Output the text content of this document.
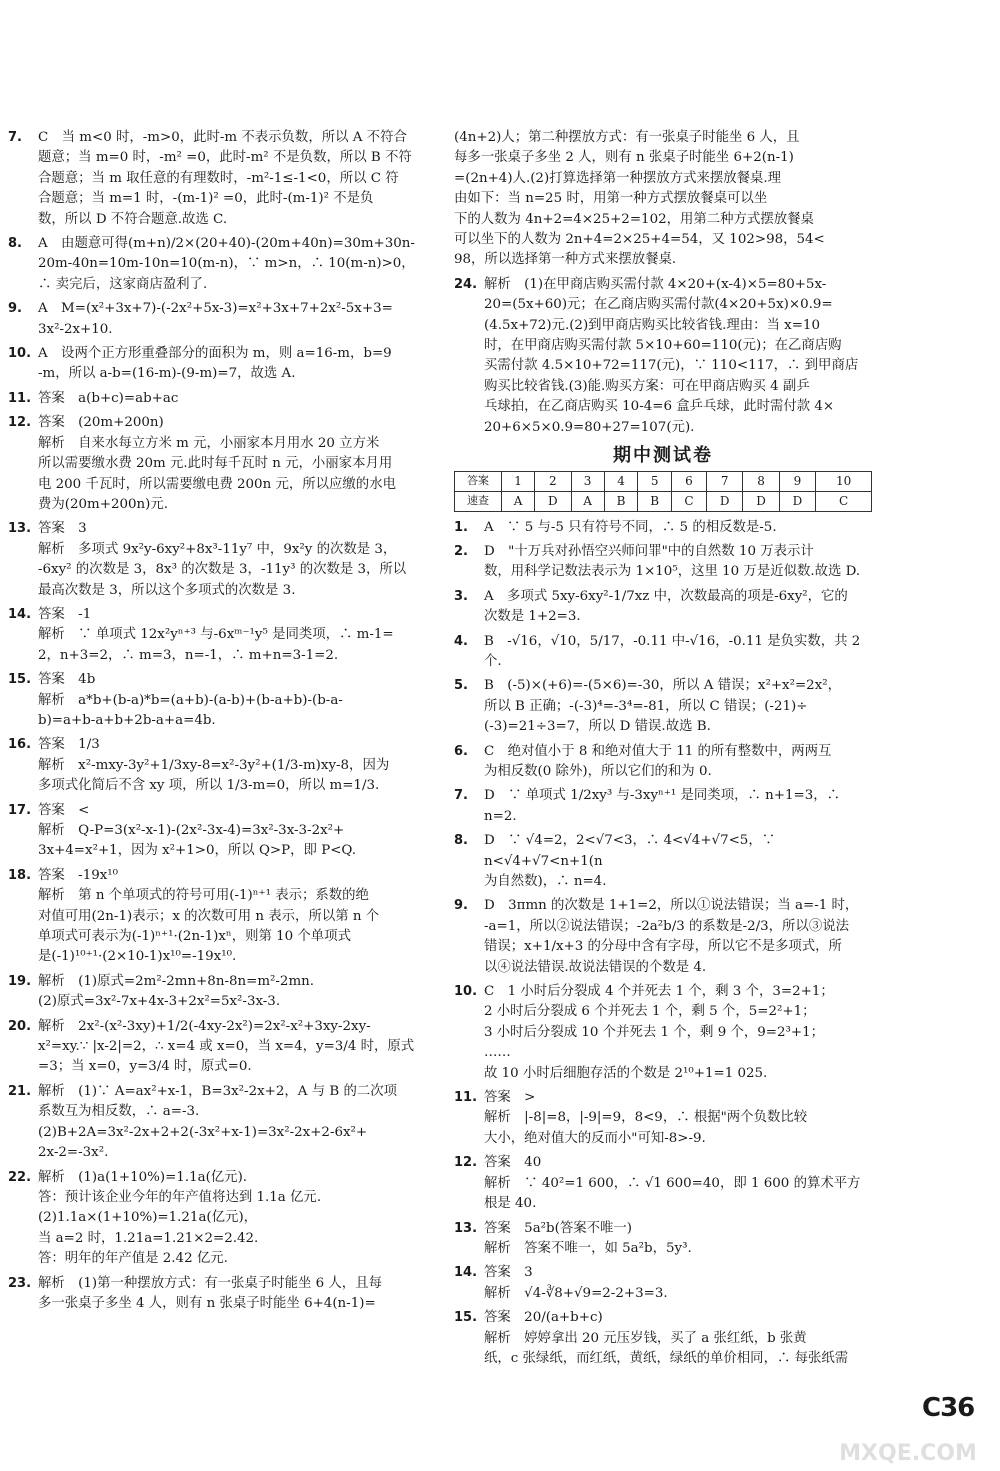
7. C　当 m<0 时，-m>0，此时-m 不表示负数，所以 A 不符合
题意；当 m=0 时，-m² =0，此时-m² 不是负数，所以 B 不符
合题意；当 m 取任意的有理数时，-m²-1≤-1<0，所以 C 符
合题意；当 m=1 时，-(m-1)² =0，此时-(m-1)² 不是负
数，所以 D 不符合题意.故选 C.
8. A　由题意可得(m+n)/2×(20+40)-(20m+40n)=30m+30n-
20m-40n=10m-10n=10(m-n)，∵ m>n，∴ 10(m-n)>0，
∴ 卖完后，这家商店盈利了.
9. A　M=(x²+3x+7)-(-2x²+5x-3)=x²+3x+7+2x²-5x+3=
3x²-2x+10.
10. A　设两个正方形重叠部分的面积为 m，则 a=16-m，b=9
-m，所以 a-b=(16-m)-(9-m)=7，故选 A.
11. 答案　a(b+c)=ab+ac
12. 答案　(20m+200n)
解析　自来水每立方米 m 元，小丽家本月用水 20 立方米
所以需要缴水费 20m 元.此时每千瓦时 n 元，小丽家本月用
电 200 千瓦时，所以需要缴电费 200n 元，所以应缴的水电
费为(20m+200n)元.
13. 答案　3
解析　多项式 9x²y-6xy²+8x³-11y⁷ 中，9x²y 的次数是 3，
-6xy² 的次数是 3，8x³ 的次数是 3，-11y³ 的次数是 3，所以
最高次数是 3，所以这个多项式的次数是 3.
14. 答案　-1
解析　∵ 单项式 12x²yⁿ⁺³ 与-6xᵐ⁻¹y⁵ 是同类项，∴ m-1=
2，n+3=2，∴ m=3，n=-1，∴ m+n=3-1=2.
15. 答案　4b
解析　a*b+(b-a)*b=(a+b)-(a-b)+(b-a+b)-(b-a-
b)=a+b-a+b+2b-a+a=4b.
16. 答案　1/3
解析　x²-mxy-3y²+1/3xy-8=x²-3y²+(1/3-m)xy-8，因为
多项式化简后不含 xy 项，所以 1/3-m=0，所以 m=1/3.
17. 答案　<
解析　Q-P=3(x²-x-1)-(2x²-3x-4)=3x²-3x-3-2x²+
3x+4=x²+1，因为 x²+1>0，所以 Q>P，即 P<Q.
18. 答案　-19x¹⁰
解析　第 n 个单项式的符号可用(-1)ⁿ⁺¹ 表示；系数的绝
对值可用(2n-1)表示；x 的次数可用 n 表示，所以第 n 个
单项式可表示为(-1)ⁿ⁺¹·(2n-1)xⁿ，则第 10 个单项式
是(-1)¹⁰⁺¹·(2×10-1)x¹⁰=-19x¹⁰.
19. 解析　(1)原式=2m²-2mn+8n-8n=m²-2mn.
(2)原式=3x²-7x+4x-3+2x²=5x²-3x-3.
20. 解析　2x²-(x²-3xy)+1/2(-4xy-2x²)=2x²-x²+3xy-2xy-
x²=xy.∵ |x-2|=2，∴ x=4 或 x=0，当 x=4，y=3/4 时，原式
=3；当 x=0，y=3/4 时，原式=0.
21. 解析　(1)∵ A=ax²+x-1，B=3x²-2x+2，A 与 B 的二次项
系数互为相反数，∴ a=-3.
(2)B+2A=3x²-2x+2+2(-3x²+x-1)=3x²-2x+2-6x²+
2x-2=-3x².
22. 解析　(1)a(1+10%)=1.1a(亿元).
答：预计该企业今年的年产值将达到 1.1a 亿元.
(2)1.1a×(1+10%)=1.21a(亿元)，
当 a=2 时，1.21a=1.21×2=2.42.
答：明年的年产值是 2.42 亿元.
23. 解析　(1)第一种摆放方式：有一张桌子时能坐 6 人，且每
多一张桌子多坐 4 人，则有 n 张桌子时能坐 6+4(n-1)=
(4n+2)人；第二种摆放方式：有一张桌子时能坐 6 人，且
每多一张桌子多坐 2 人，则有 n 张桌子时能坐 6+2(n-1)
=(2n+4)人.(2)打算选择第一种摆放方式来摆放餐桌.理
由如下：当 n=25 时，用第一种方式摆放餐桌可以坐
下的人数为 4n+2=4×25+2=102，用第二种方式摆放餐桌
可以坐下的人数为 2n+4=2×25+4=54，又 102>98，54<
98，所以选择第一种方式来摆放餐桌.
24. 解析　(1)在甲商店购买需付款 4×20+(x-4)×5=80+5x-
20=(5x+60)元；在乙商店购买需付款(4×20+5x)×0.9=
(4.5x+72)元.(2)到甲商店购买比较省钱.理由：当 x=10
时，在甲商店购买需付款 5×10+60=110(元)；在乙商店购
买需付款 4.5×10+72=117(元)，∵ 110<117，∴ 到甲商店
购买比较省钱.(3)能.购买方案：可在甲商店购买 4 副乒
乓球拍，在乙商店购买 10-4=6 盒乒乓球，此时需付款 4×
20+6×5×0.9=80+27=107(元).
期中测试卷
答案	1	2	3	4	5	6	7	8	9	10
速查	A	D	A	B	B	C	D	D	D	C
1. A　∵ 5 与-5 只有符号不同，∴ 5 的相反数是-5.
2. D　"十万兵对孙悟空兴师问罪"中的自然数 10 万表示计
数，用科学记数法表示为 1×10⁵，这里 10 万是近似数.故选 D.
3. A　多项式 5xy-6xy²-1/7xz 中，次数最高的项是-6xy²，它的
次数是 1+2=3.
4. B　-√16，√10，5/17，-0.11 中-√16，-0.11 是负实数，共 2 个.
5. B　(-5)×(+6)=-(5×6)=-30，所以 A 错误；x²+x²=2x²，
所以 B 正确；-(-3)⁴=-3⁴=-81，所以 C 错误；(-21)÷
(-3)=21÷3=7，所以 D 错误.故选 B.
6. C　绝对值小于 8 和绝对值大于 11 的所有整数中，两两互
为相反数(0 除外)，所以它们的和为 0.
7. D　∵ 单项式 1/2xy³ 与-3xyⁿ⁺¹ 是同类项，∴ n+1=3，∴ n=2.
8. D　∵ √4=2，2<√7<3，∴ 4<√4+√7<5，∵ n<√4+√7<n+1(n
为自然数)，∴ n=4.
9. D　3πmn 的次数是 1+1=2，所以①说法错误；当 a=-1 时，
-a=1，所以②说法错误；-2a²b/3 的系数是-2/3，所以③说法
错误；x+1/x+3 的分母中含有字母，所以它不是多项式，所
以④说法错误.故说法错误的个数是 4.
10. C　1 小时后分裂成 4 个并死去 1 个，剩 3 个，3=2+1；
2 小时后分裂成 6 个并死去 1 个，剩 5 个，5=2²+1；
3 小时后分裂成 10 个并死去 1 个，剩 9 个，9=2³+1；
……
故 10 小时后细胞存活的个数是 2¹⁰+1=1 025.
11. 答案　>
解析　|-8|=8，|-9|=9，8<9，∴ 根据"两个负数比较
大小，绝对值大的反而小"可知-8>-9.
12. 答案　40
解析　∵ 40²=1 600，∴ √1 600=40，即 1 600 的算术平方
根是 40.
13. 答案　5a²b(答案不唯一)
解析　答案不唯一，如 5a²b，5y³.
14. 答案　3
解析　√4-∛8+√9=2-2+3=3.
15. 答案　20/(a+b+c)
解析　婷婷拿出 20 元压岁钱，买了 a 张红纸，b 张黄
纸，c 张绿纸，而红纸，黄纸，绿纸的单价相同，∴ 每张纸需
C36
MXQE.COM
